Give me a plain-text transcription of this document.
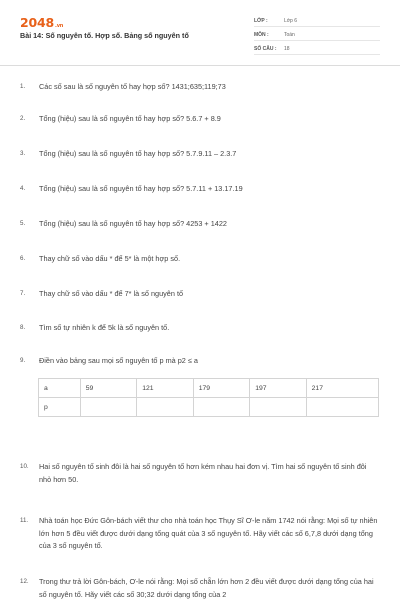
2048.vn
Bài 14: Số nguyên tố. Hợp số. Bảng số nguyên tố
LỚP :	Lớp 6
MÔN :	Toán
SỐ CÂU : 18
1. Các số sau là số nguyên tố hay hợp số? 1431;635;119;73
2. Tổng (hiệu) sau là số nguyên tố hay hợp số? 5.6.7 + 8.9
3. Tổng (hiệu) sau là số nguyên tố hay hợp số? 5.7.9.11 – 2.3.7
4. Tổng (hiệu) sau là số nguyên tố hay hợp số? 5.7.11 + 13.17.19
5. Tổng (hiệu) sau là số nguyên tố hay hợp số? 4253 + 1422
6. Thay chữ số vào dấu * để 5* là một hợp số.
7. Thay chữ số vào dấu * để 7* là số nguyên tố
8. Tìm số tự nhiên k để 5k là số nguyên tố.
9. Điền vào bảng sau mọi số nguyên tố p mà p2 ≤ a
a	59	121	179	197	217
p					
10. Hai số nguyên tố sinh đôi là hai số nguyên tố hơn kém nhau hai đơn vị. Tìm hai số nguyên tố sinh đôi nhỏ hơn 50.
11. Nhà toán học Đức Gôn-bách viết thư cho nhà toán học Thụy Sĩ Ơ-le năm 1742 nói rằng: Mọi số tự nhiên lớn hơn 5 đều viết được dưới dạng tổng quát của 3 số nguyên tố. Hãy viết các số 6,7,8 dưới dạng tổng của 3 số nguyên tố.
12. Trong thư trả lời Gôn-bách, Ơ-le nói rằng: Mọi số chẵn lớn hơn 2 đều viết được dưới dạng tổng của hai số nguyên tố. Hãy viết các số 30;32 dưới dạng tổng của 2
